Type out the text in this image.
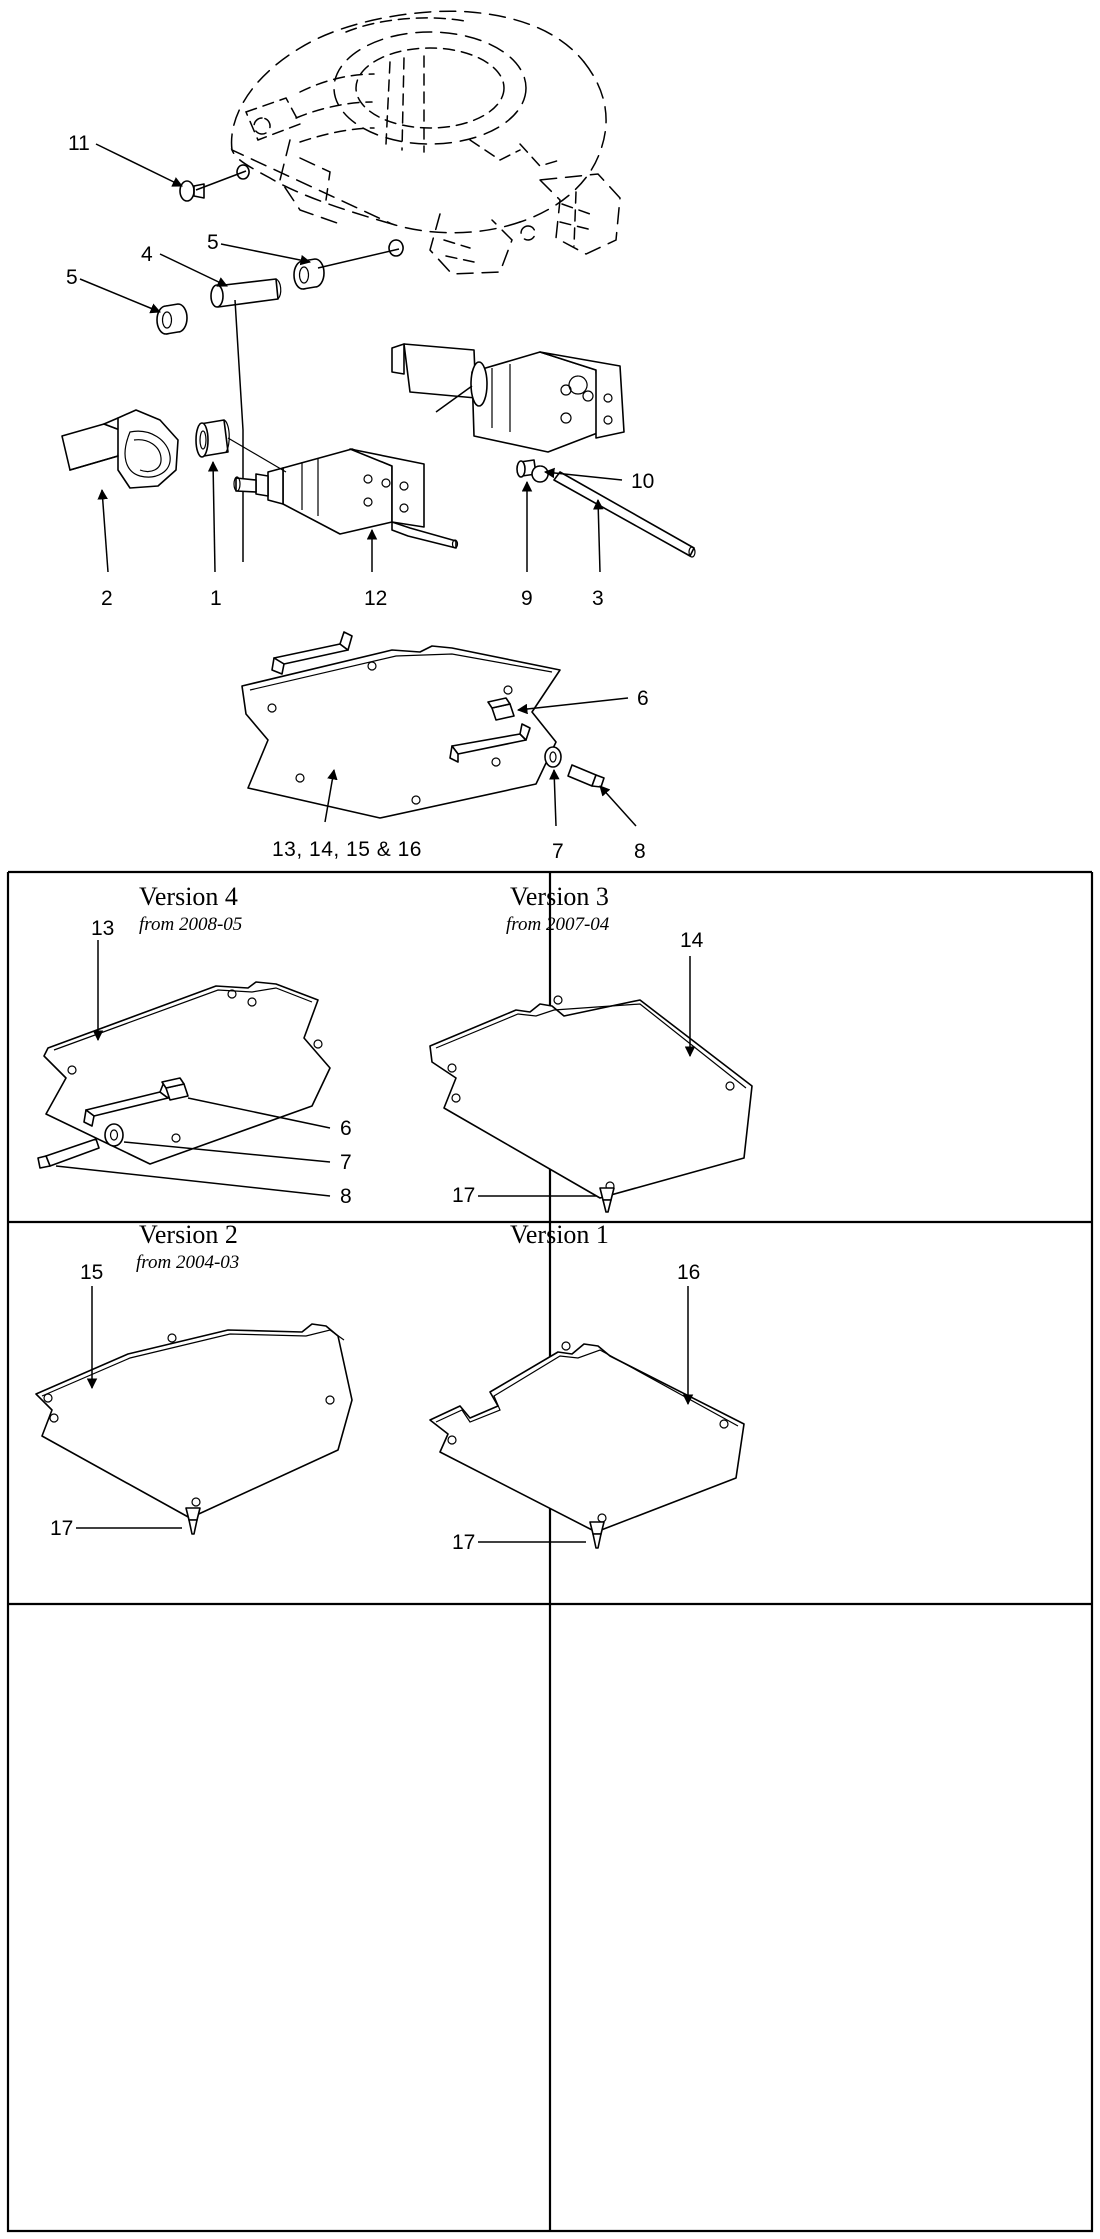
11
4
5
5
2	1	12	9	3
10
6
7	8
13, 14, 15 & 16
Version 4
from 2008-05
13
6
7
8
Version 3
from 2007-04
14
17
Version 2
from 2004-03
15
17
Version 1
16
17
